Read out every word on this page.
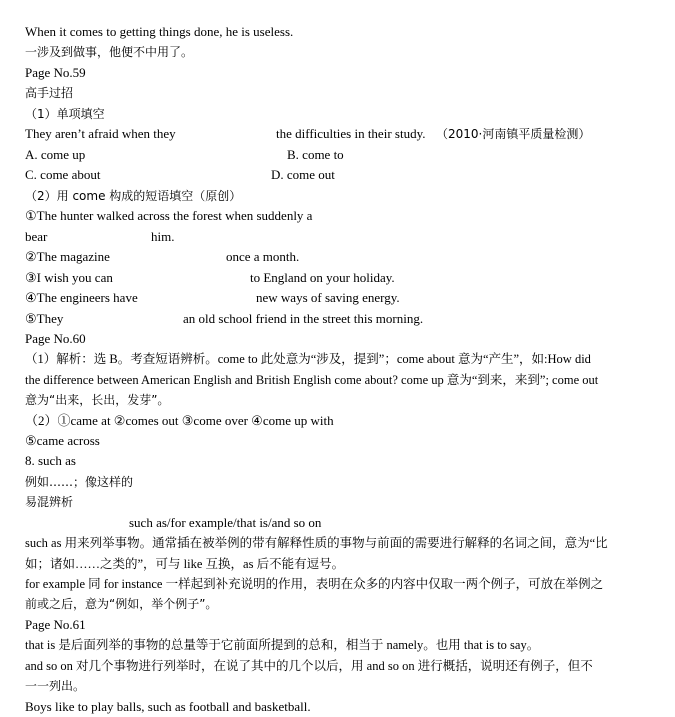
When it comes to getting things done, he is useless.
一涉及到做事，他便不中用了。
Page No.59
高手过招
（1）单项填空
They aren’t afraid when they	the difficulties in their study. （2010·河南镇平质量检测）
A. come up	B. come to
C. come about	D. come out
（2）用 come 构成的短语填空（原创）
①The hunter walked across the forest when suddenly a
bear	him.
②The magazine	once a month.
③I wish you can	to England on your holiday.
④The engineers have	new ways of saving energy.
⑤They	an old school friend in the street this morning.
Page No.60
（1）解析：选 B。考查短语辨析。come to 此处意为“涉及，提到”；come about 意为“产生”，如:How did
the difference between American English and British English come about? come up 意为“到来，来到”; come out
意为“出来，长出，发芽”。
（2）①came at ②comes out ③come over ④come up with
⑤came across
8. such as
例如……；像这样的
易混辨析
such as/for example/that is/and so on
such as 用来列举事物。通常插在被举例的带有解释性质的事物与前面的需要进行解释的名词之间，意为“比
如；诸如……之类的”，可与 like 互换，as 后不能有逗号。
for example 同 for instance 一样起到补充说明的作用，表明在众多的内容中仅取一两个例子，可放在举例之
前或之后，意为“例如，举个例子”。
Page No.61
that is 是后面列举的事物的总量等于它前面所提到的总和，相当于 namely。也用 that is to say。
and so on 对几个事物进行列举时，在说了其中的几个以后，用 and so on 进行概括，说明还有例子，但不
一一列出。
Boys like to play balls, such as football and basketball.
